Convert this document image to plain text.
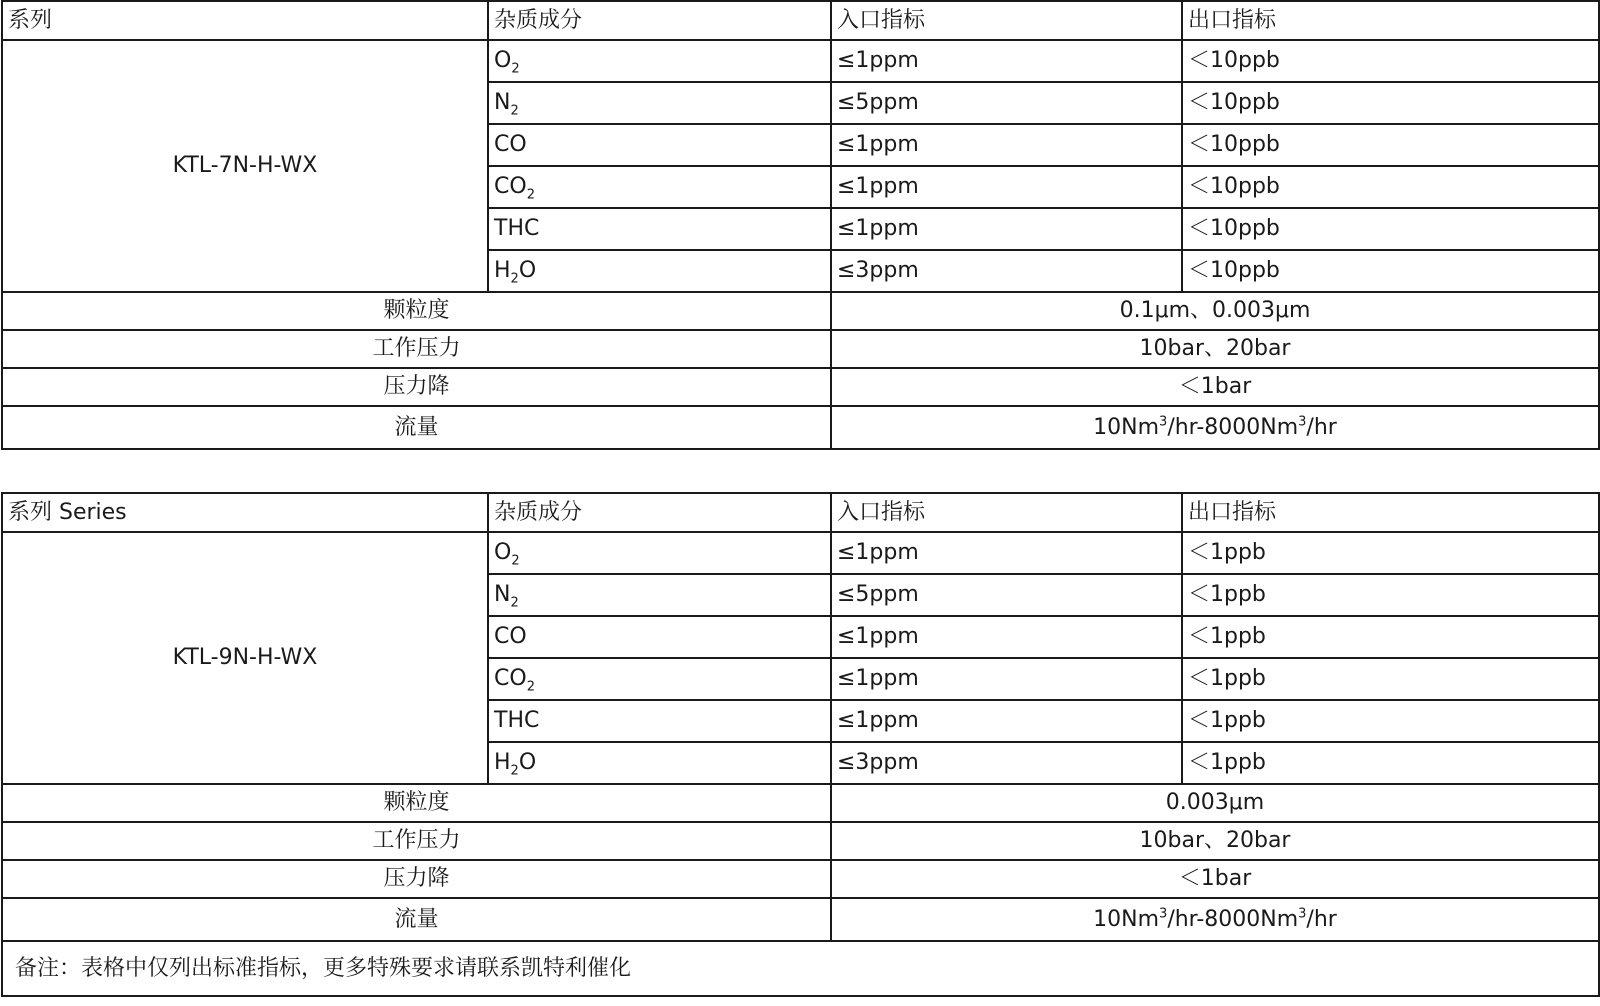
系列	杂质成分	入口指标	出口指标
KTL-7N-H-WX	$O_2$	≤1ppm	＜10ppb
	$N_2$	≤5ppm	＜10ppb
	CO	≤1ppm	＜10ppb
	$CO_2$	≤1ppm	＜10ppb
	THC	≤1ppm	＜10ppb
	$H_2O$	≤3ppm	＜10ppb
颗粒度		0.1μm、0.003μm	
工作压力		10bar、20bar	
压力降		＜1bar	
流量		10Nm$^3$/hr-8000Nm$^3$/hr	
系列 Series	杂质成分	入口指标	出口指标
KTL-9N-H-WX	$O_2$	≤1ppm	＜1ppb
	$N_2$	≤5ppm	＜1ppb
	CO	≤1ppm	＜1ppb
	$CO_2$	≤1ppm	＜1ppb
	THC	≤1ppm	＜1ppb
	$H_2O$	≤3ppm	＜1ppb
颗粒度		0.003μm	
工作压力		10bar、20bar	
压力降		＜1bar	
流量		10Nm$^3$/hr-8000Nm$^3$/hr	
备注：表格中仅列出标准指标，更多特殊要求请联系凯特利催化			
